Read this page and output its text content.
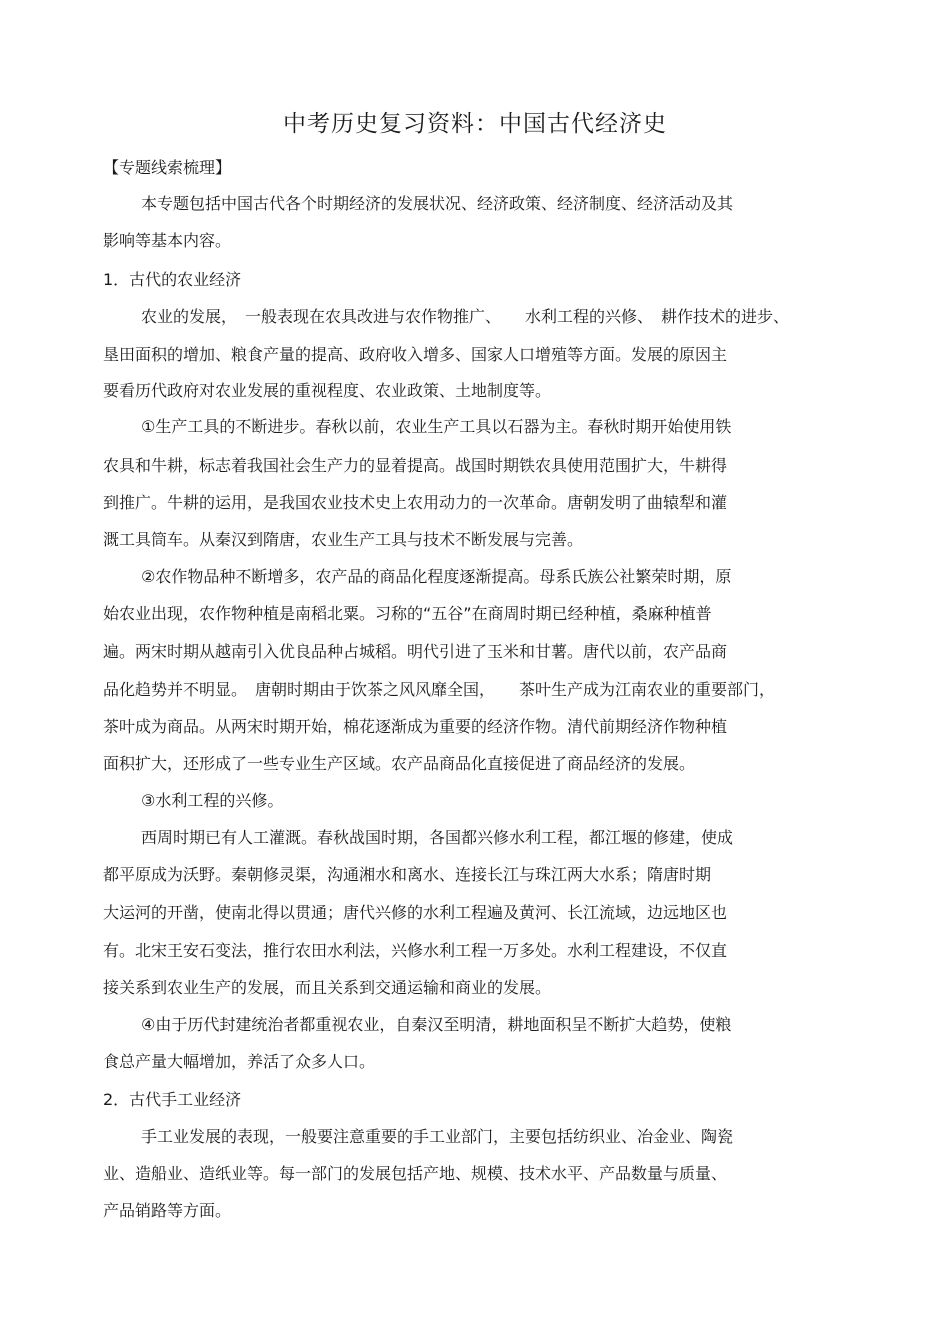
中考历史复习资料：中国古代经济史
【专题线索梳理】
本专题包括中国古代各个时期经济的发展状况、经济政策、经济制度、经济活动及其
影响等基本内容。
1．古代的农业经济
农业的发展，　一般表现在农具改进与农作物推广、　　水利工程的兴修、　耕作技术的进步、
垦田面积的增加、粮食产量的提高、政府收入增多、国家人口增殖等方面。发展的原因主
要看历代政府对农业发展的重视程度、农业政策、土地制度等。
①生产工具的不断进步。春秋以前，农业生产工具以石器为主。春秋时期开始使用铁
农具和牛耕，标志着我国社会生产力的显着提高。战国时期铁农具使用范围扩大，牛耕得
到推广。牛耕的运用，是我国农业技术史上农用动力的一次革命。唐朝发明了曲辕犁和灌
溉工具筒车。从秦汉到隋唐，农业生产工具与技术不断发展与完善。
②农作物品种不断增多，农产品的商品化程度逐渐提高。母系氏族公社繁荣时期，原
始农业出现，农作物种植是南稻北粟。习称的“五谷”在商周时期已经种植，桑麻种植普
遍。两宋时期从越南引入优良品种占城稻。明代引进了玉米和甘薯。唐代以前，农产品商
品化趋势并不明显。　唐朝时期由于饮茶之风风靡全国，　　茶叶生产成为江南农业的重要部门，
茶叶成为商品。从两宋时期开始，棉花逐渐成为重要的经济作物。清代前期经济作物种植
面积扩大，还形成了一些专业生产区域。农产品商品化直接促进了商品经济的发展。
③水利工程的兴修。
西周时期已有人工灌溉。春秋战国时期，各国都兴修水利工程，都江堰的修建，使成
都平原成为沃野。秦朝修灵渠，沟通湘水和离水、连接长江与珠江两大水系；隋唐时期
大运河的开凿，使南北得以贯通；唐代兴修的水利工程遍及黄河、长江流域，边远地区也
有。北宋王安石变法，推行农田水利法，兴修水利工程一万多处。水利工程建设，不仅直
接关系到农业生产的发展，而且关系到交通运输和商业的发展。
④由于历代封建统治者都重视农业，自秦汉至明清，耕地面积呈不断扩大趋势，使粮
食总产量大幅增加，养活了众多人口。
2．古代手工业经济
手工业发展的表现，一般要注意重要的手工业部门，主要包括纺织业、冶金业、陶瓷
业、造船业、造纸业等。每一部门的发展包括产地、规模、技术水平、产品数量与质量、
产品销路等方面。
